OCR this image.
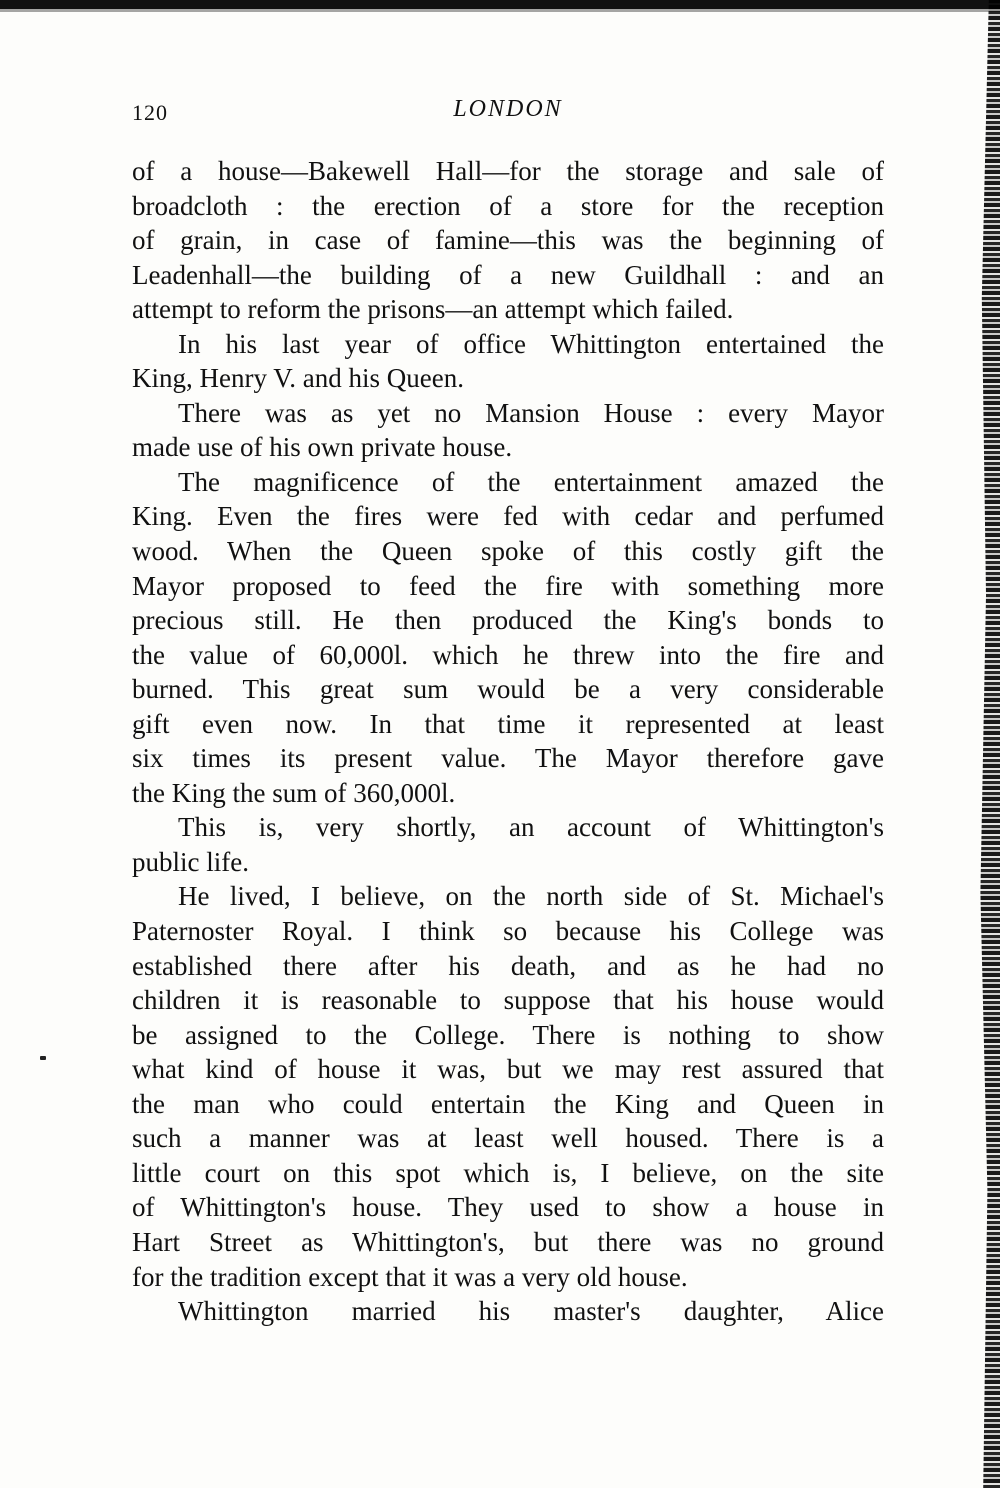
120	LONDON
of a house—Bakewell Hall—for the storage and sale of
broadcloth : the erection of a store for the reception
of grain, in case of famine—this was the beginning of
Leadenhall—the building of a new Guildhall : and an
attempt to reform the prisons—an attempt which failed.
In his last year of office Whittington entertained the
King, Henry V. and his Queen.
There was as yet no Mansion House : every Mayor
made use of his own private house.
The magnificence of the entertainment amazed the
King. Even the fires were fed with cedar and perfumed
wood. When the Queen spoke of this costly gift the
Mayor proposed to feed the fire with something more
precious still. He then produced the King's bonds to
the value of 60,000l. which he threw into the fire and
burned. This great sum would be a very considerable
gift even now. In that time it represented at least
six times its present value. The Mayor therefore gave
the King the sum of 360,000l.
This is, very shortly, an account of Whittington's
public life.
He lived, I believe, on the north side of St. Michael's
Paternoster Royal. I think so because his College was
established there after his death, and as he had no
children it is reasonable to suppose that his house would
be assigned to the College. There is nothing to show
what kind of house it was, but we may rest assured that
the man who could entertain the King and Queen in
such a manner was at least well housed. There is a
little court on this spot which is, I believe, on the site
of Whittington's house. They used to show a house in
Hart Street as Whittington's, but there was no ground
for the tradition except that it was a very old house.
Whittington married his master's daughter, Alice
